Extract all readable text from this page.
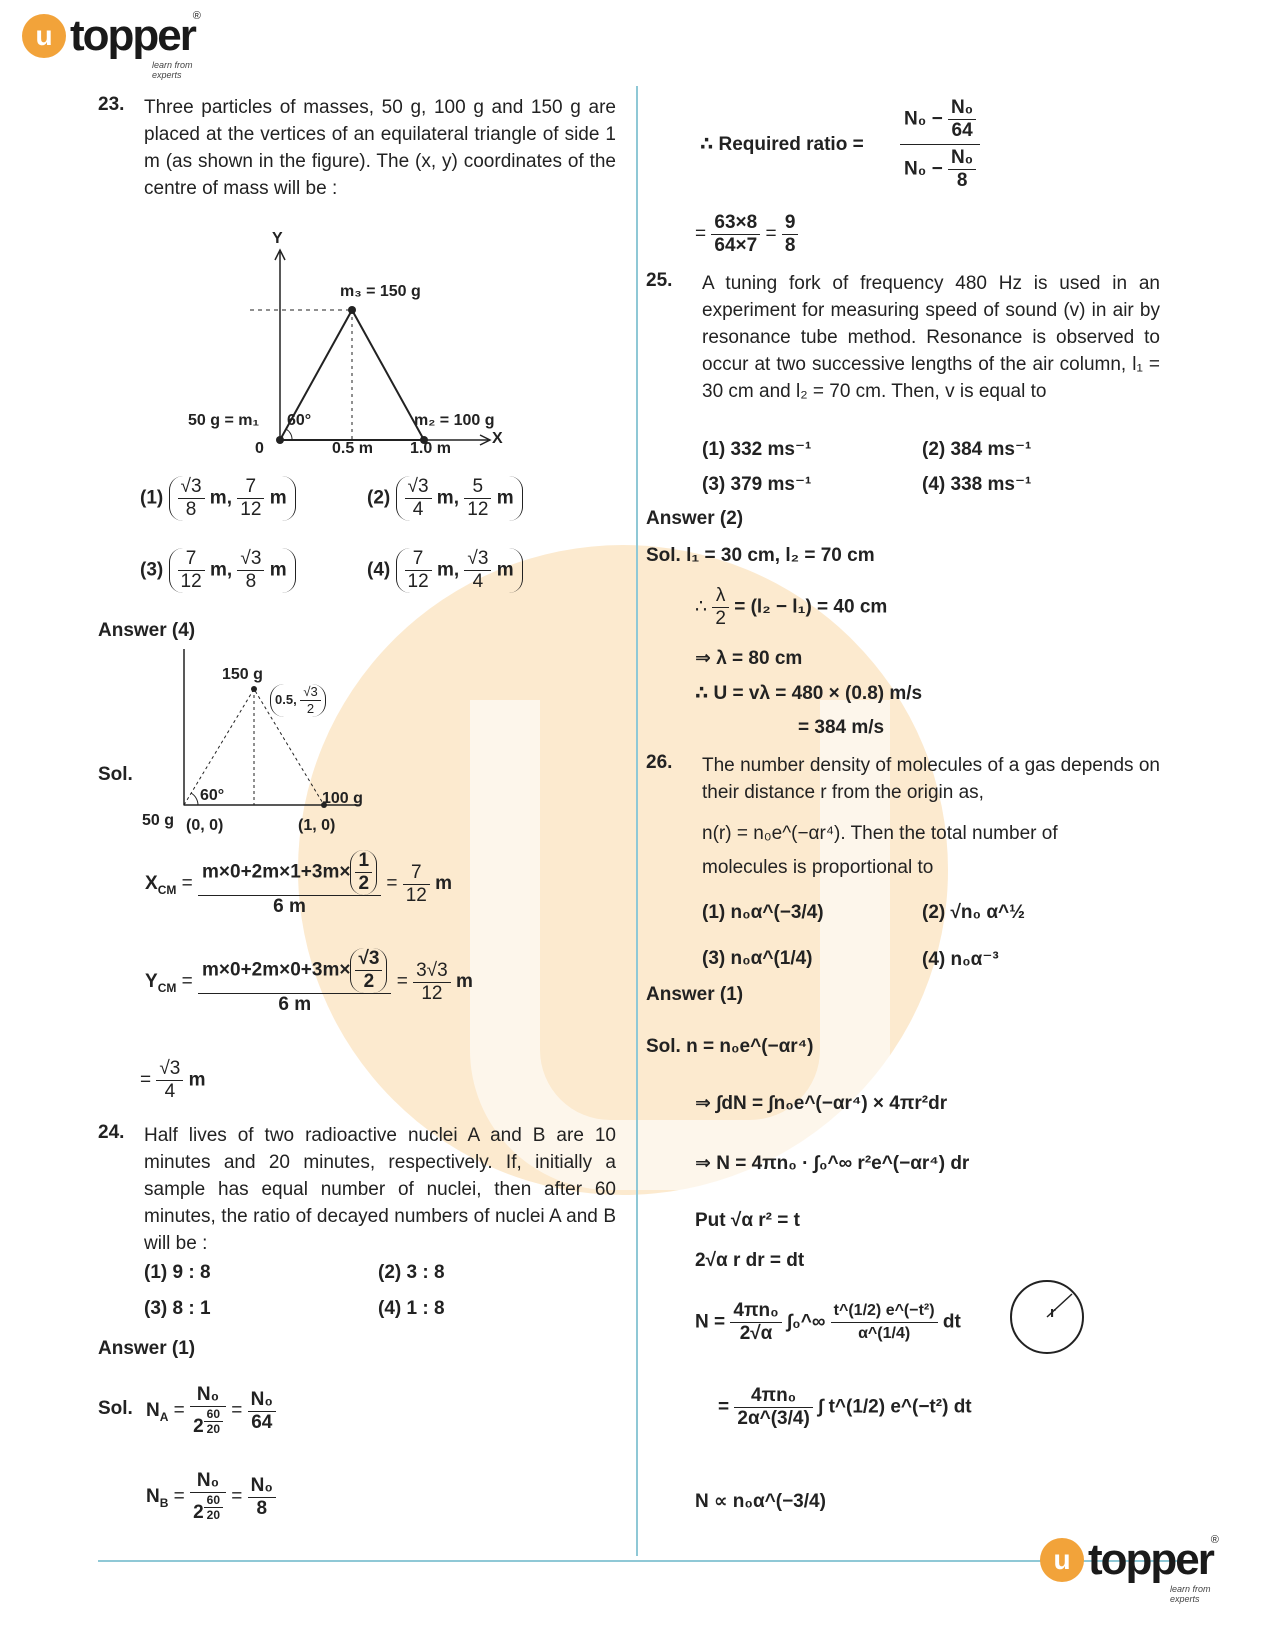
u topper
®
learn from experts
23. Three particles of masses, 50 g, 100 g and 150 g are placed at the vertices of an equilateral triangle of side 1 m (as shown in the figure). The (x, y) coordinates of the centre of mass will be :
Y
X
m₃ = 150 g
50 g = m₁	m₂ = 100 g
60°
0	0.5 m 1.0 m
$(1) \frac{√3}{8} m$, $\frac{7}{12}$ m	$(2) \frac{√3}{4} m$, $\frac{5}{12}$ m
$(3) \frac{7}{12} m$, $\frac{√3}{8}$ m	$(4) \frac{7}{12} m$, $\frac{√3}{4}$ m
Answer (4)
Sol.
150 g
0.5, $\frac{√3}{2}$
60°	100 g
50 g (0, 0)	(1, 0)
$X_{CM} = \frac{m\times 0+2m\times 1+3m\times \frac{1}{2}}{6 m} = \frac{7}{12}$ m
$Y_{CM} = \frac{m\times 0+2m\times 0+3m\times \frac{√3}{2}}{6 m} = \frac{3√3}{12}$ m
= $\frac{√3}{4}$ m
24. Half lives of two radioactive nuclei A and B are 10 minutes and 20 minutes, respectively. If, initially a sample has equal number of nuclei, then after 60 minutes, the ratio of decayed numbers of nuclei A and B will be :
(1) 9 : 8	(2) 3 : 8
(3) 8 : 1	(4) 1 : 8
Answer (1)
Sol. $N_A = N_0$
2 $^{\frac{60}{20}} = \frac{\text{N₀}}{64}$
$N_B = N_0$
2 $^{\frac{60}{20}} = \frac{\text{N₀}}{8}$
∴ Required ratio = $\frac{N_0 - \frac{\text{N₀}}{64}}{N_0 - \frac{\text{N₀}}{8}}$
= $\frac{63\times 8}{64\times 7} = \frac{9}{8}$
25. A tuning fork of frequency 480 Hz is used in an experiment for measuring speed of sound (v) in air by resonance tube method. Resonance is observed to occur at two successive lengths of the air column, l₁ = 30 cm and l₂ = 70 cm. Then, v is equal to
(1) 332 ms⁻¹	(2) 384 ms⁻¹
(3) 379 ms⁻¹	(4) 338 ms⁻¹
Answer (2)
Sol. l₁ = 30 cm, l₂ = 70 cm
∴ $\frac{\lambda}{2} = (l_2 - l_1) = 40$ cm
⇒ λ = 80 cm
∴ U = vλ = 480 × (0.8) m/s
= 384 m/s
26. The number density of molecules of a gas depends on their distance r from the origin as,
n(r) = n₀e^(−αr⁴). Then the total number of
molecules is proportional to
(1) n₀α^(−3/4)	(2) √n₀ α^½
(3) n₀α^(1/4)	(4) n₀α⁻³
Answer (1)
Sol. n = n₀e^(−αr⁴)
⇒ ∫dN = ∫n₀e^(−αr⁴) × 4πr²dr
⇒ N = 4πn₀ · ∫₀^∞ r²e^(−αr⁴) dr
Put √α r² = t
2√α r dr = dt
$N = \frac{\text{4πn₀}}{2√\alpha}$ ∫₀^∞ $\frac{\text{t\textasciicircum{}(1/2) e\textasciicircum{}(−t²)}}{\alpha\^{}(1/4)}$ dt
= $\frac{\text{4πn₀}}{2\alpha\^{}(3/4)}$ ∫ t^(1/2) e^(−t²) dt
N ∝ n₀α^(−3/4)
r
u topper
®
learn from experts
